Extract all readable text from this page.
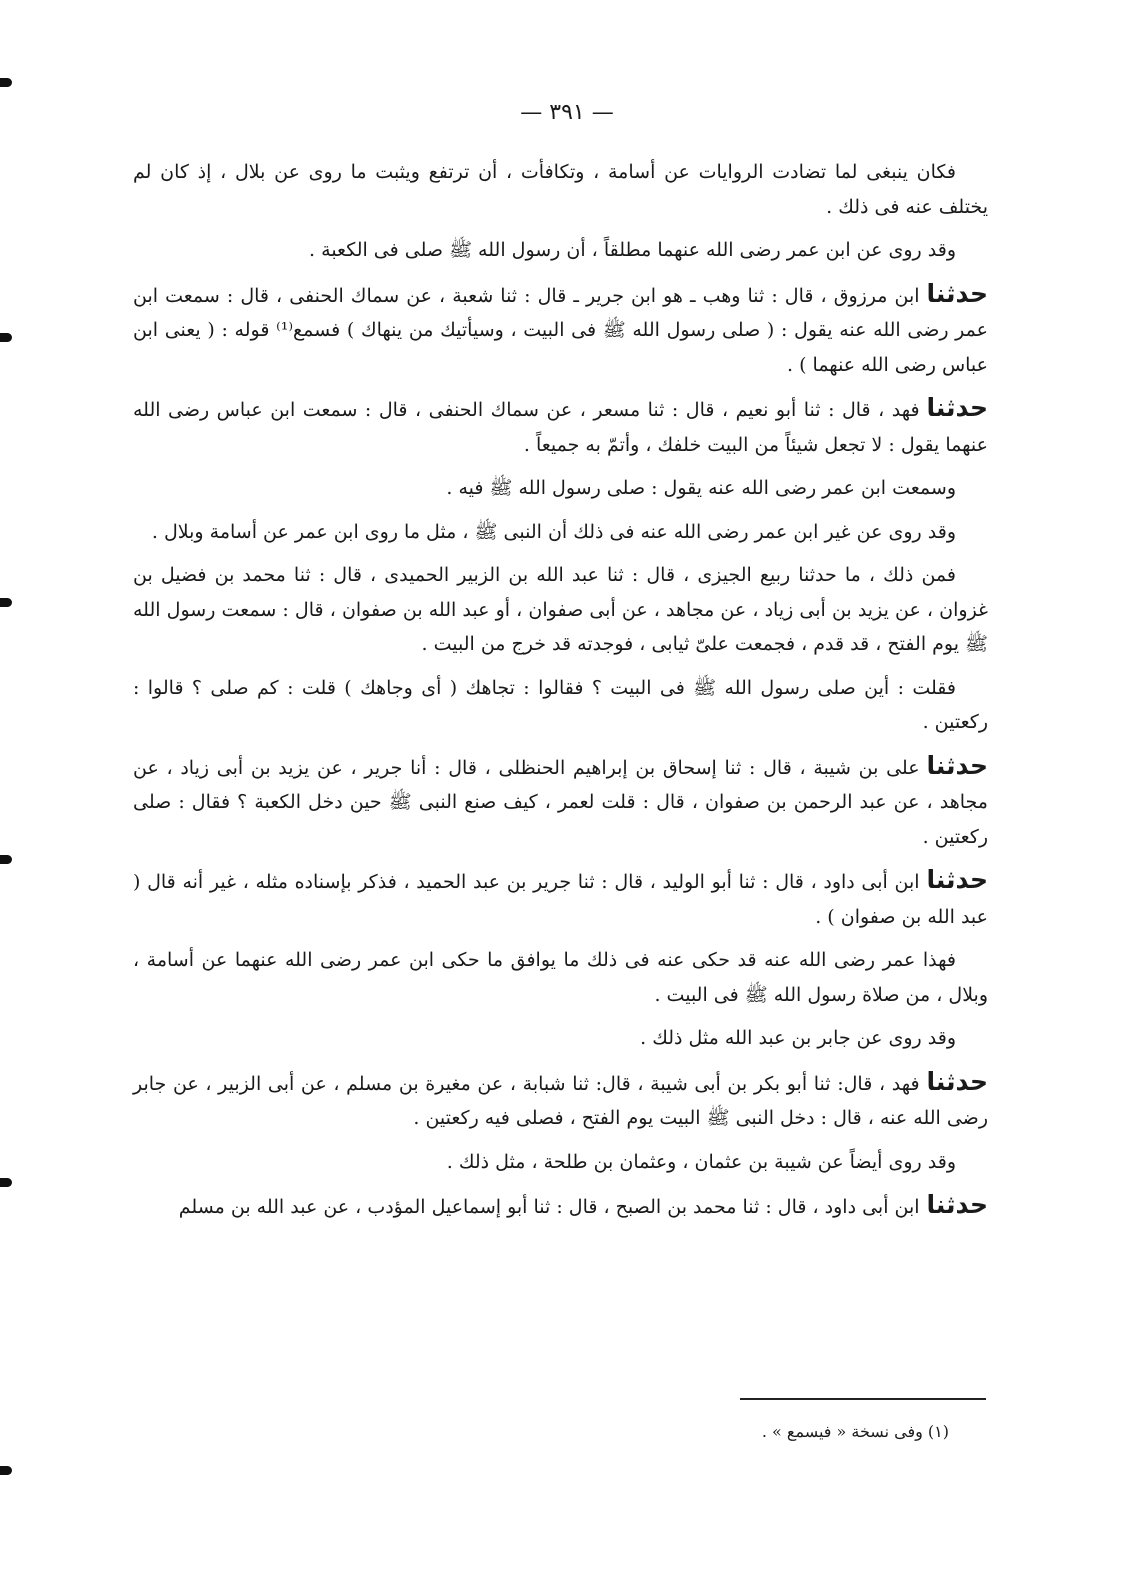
— ٣٩١ —

فكان ينبغى لما تضادت الروايات عن أسامة ، وتكافأت ، أن ترتفع ويثبت ما روى عن بلال ، إذ كان لم يختلف عنه فى ذلك .

وقد روى عن ابن عمر رضى الله عنهما مطلقاً ، أن رسول الله ﷺ صلى فى الكعبة .

حدثناابن مرزوق ، قال : ثنا وهب ـ هو ابن جرير ـ قال : ثنا شعبة ، عن سماك الحنفى ، قال : سمعت ابن عمر رضى الله عنه يقول : ( صلى رسول الله ﷺ فى البيت ، وسيأتيك من ينهاك ) فسمع⁽¹⁾ قوله : ( يعنى ابن عباس رضى الله عنهما ) .

حدثنافهد ، قال : ثنا أبو نعيم ، قال : ثنا مسعر ، عن سماك الحنفى ، قال : سمعت ابن عباس رضى الله عنهما يقول : لا تجعل شيئاً من البيت خلفك ، وأتمّ به جميعاً .

وسمعت ابن عمر رضى الله عنه يقول : صلى رسول الله ﷺ فيه .

وقد روى عن غير ابن عمر رضى الله عنه فى ذلك أن النبى ﷺ ، مثل ما روى ابن عمر عن أسامة وبلال .

فمن ذلك ، ما حدثنا ربيع الجيزى ، قال : ثنا عبد الله بن الزبير الحميدى ، قال : ثنا محمد بن فضيل بن غزوان ، عن يزيد بن أبى زياد ، عن مجاهد ، عن أبى صفوان ، أو عبد الله بن صفوان ، قال : سمعت رسول الله ﷺ يوم الفتح ، قد قدم ، فجمعت علىّ ثيابى ، فوجدته قد خرج من البيت .

فقلت : أين صلى رسول الله ﷺ فى البيت ؟ فقالوا : تجاهك ( أى وجاهك ) قلت : كم صلى ؟ قالوا : ركعتين .

حدثناعلى بن شيبة ، قال : ثنا إسحاق بن إبراهيم الحنظلى ، قال : أنا جرير ، عن يزيد بن أبى زياد ، عن مجاهد ، عن عبد الرحمن بن صفوان ، قال : قلت لعمر ، كيف صنع النبى ﷺ حين دخل الكعبة ؟ فقال : صلى ركعتين .

حدثناابن أبى داود ، قال : ثنا أبو الوليد ، قال : ثنا جرير بن عبد الحميد ، فذكر بإسناده مثله ، غير أنه قال ( عبد الله بن صفوان ) .

فهذا عمر رضى الله عنه قد حكى عنه فى ذلك ما يوافق ما حكى ابن عمر رضى الله عنهما عن أسامة ، وبلال ، من صلاة رسول الله ﷺ فى البيت .

وقد روى عن جابر بن عبد الله مثل ذلك .

حدثنافهد ، قال: ثنا أبو بكر بن أبى شيبة ، قال: ثنا شبابة ، عن مغيرة بن مسلم ، عن أبى الزبير ، عن جابر رضى الله عنه ، قال : دخل النبى ﷺ البيت يوم الفتح ، فصلى فيه ركعتين .

وقد روى أيضاً عن شيبة بن عثمان ، وعثمان بن طلحة ، مثل ذلك .

حدثناابن أبى داود ، قال : ثنا محمد بن الصبح ، قال : ثنا أبو إسماعيل المؤدب ، عن عبد الله بن مسلم

(١) وفى نسخة « فيسمع » .
